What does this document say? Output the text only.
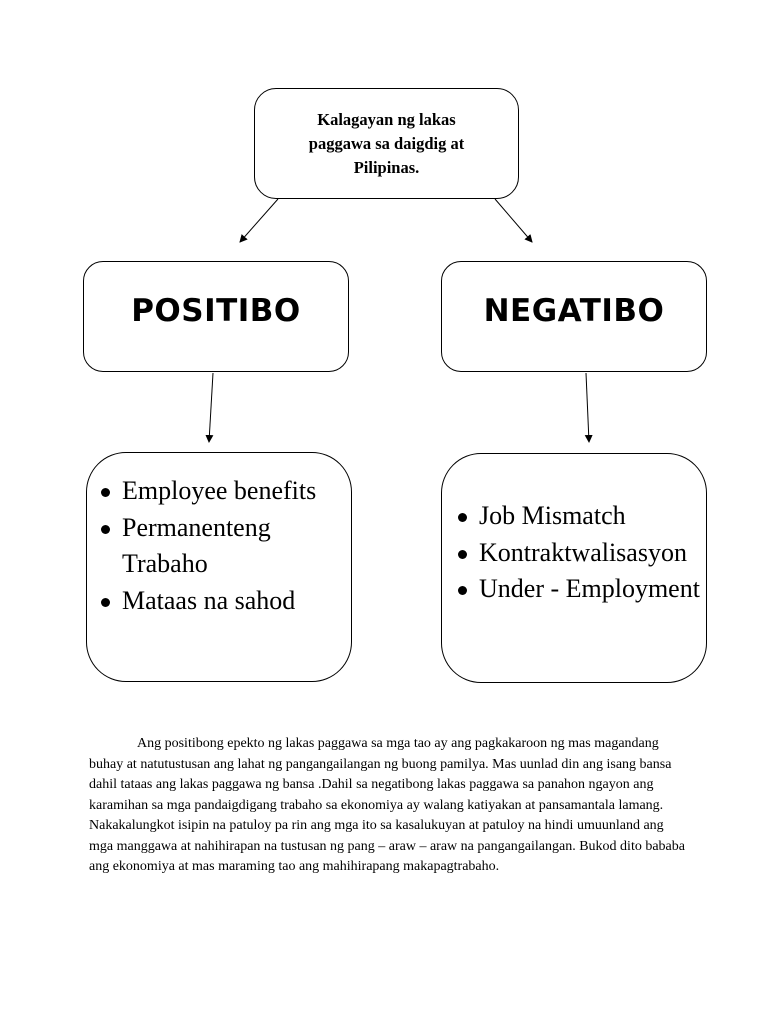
Kalagayan ng lakas paggawa sa daigdig at Pilipinas.
POSITIBO	NEGATIBO
Employee benefits
Permanenteng Trabaho
Mataas na sahod
Job Mismatch
Kontraktwalisasyon
Under - Employment

Ang positibong epekto ng lakas paggawa sa mga tao ay ang pagkakaroon ng mas magandang buhay at natutustusan ang lahat ng pangangailangan ng buong pamilya. Mas uunlad din ang isang bansa dahil tataas ang lakas paggawa ng bansa .Dahil sa negatibong lakas paggawa sa panahon ngayon ang karamihan sa mga pandaigdigang trabaho sa ekonomiya ay walang katiyakan at pansamantala lamang. Nakakalungkot isipin na patuloy pa rin ang mga ito sa kasalukuyan at patuloy na hindi umuunland ang mga manggawa at nahihirapan na tustusan ng pang – araw – araw na pangangailangan. Bukod dito bababa ang ekonomiya at mas maraming tao ang mahihirapang makapagtrabaho.
